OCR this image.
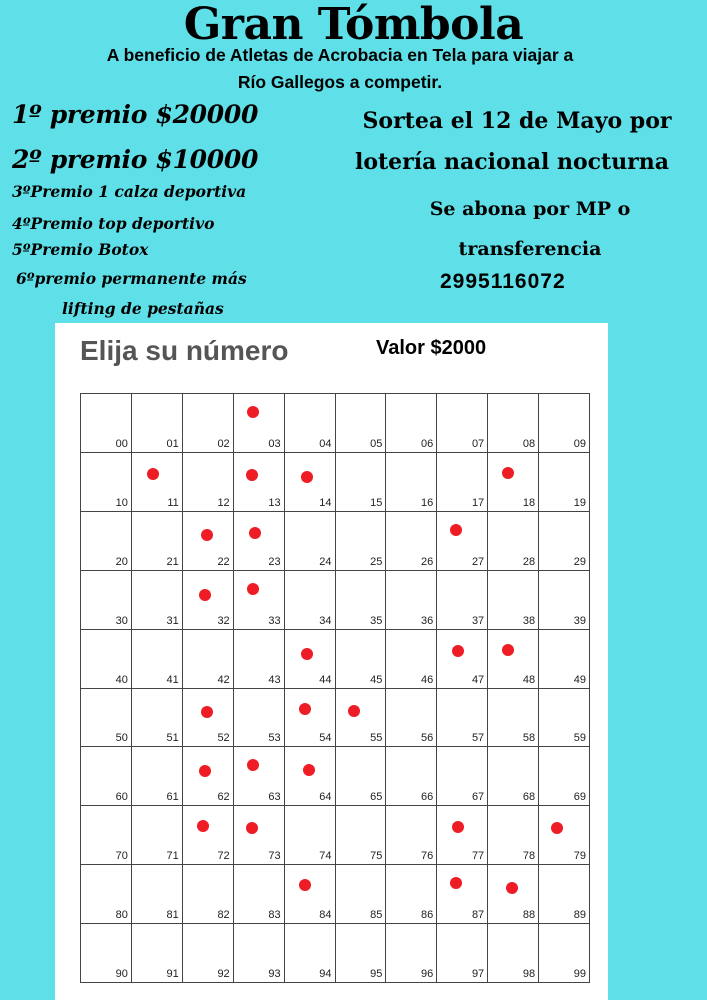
Gran Tómbola
A beneficio de Atletas de Acrobacia en Tela para viajar a
Río Gallegos a competir.
1º premio $20000
2º premio $10000
3ºPremio 1 calza deportiva
4ºPremio top deportivo
5ºPremio Botox
6ºpremio permanente más
lifting de pestañas
Sortea el 12 de Mayo por
lotería nacional nocturna
Se abona por MP o
transferencia
2995116072
Elija su número	Valor $2000
00	01	02	03	04	05	06	07	08	09
10	11	12	13	14	15	16	17	18	19
20	21	22	23	24	25	26	27	28	29
30	31	32	33	34	35	36	37	38	39
40	41	42	43	44	45	46	47	48	49
50	51	52	53	54	55	56	57	58	59
60	61	62	63	64	65	66	67	68	69
70	71	72	73	74	75	76	77	78	79
80	81	82	83	84	85	86	87	88	89
90	91	92	93	94	95	96	97	98	99
